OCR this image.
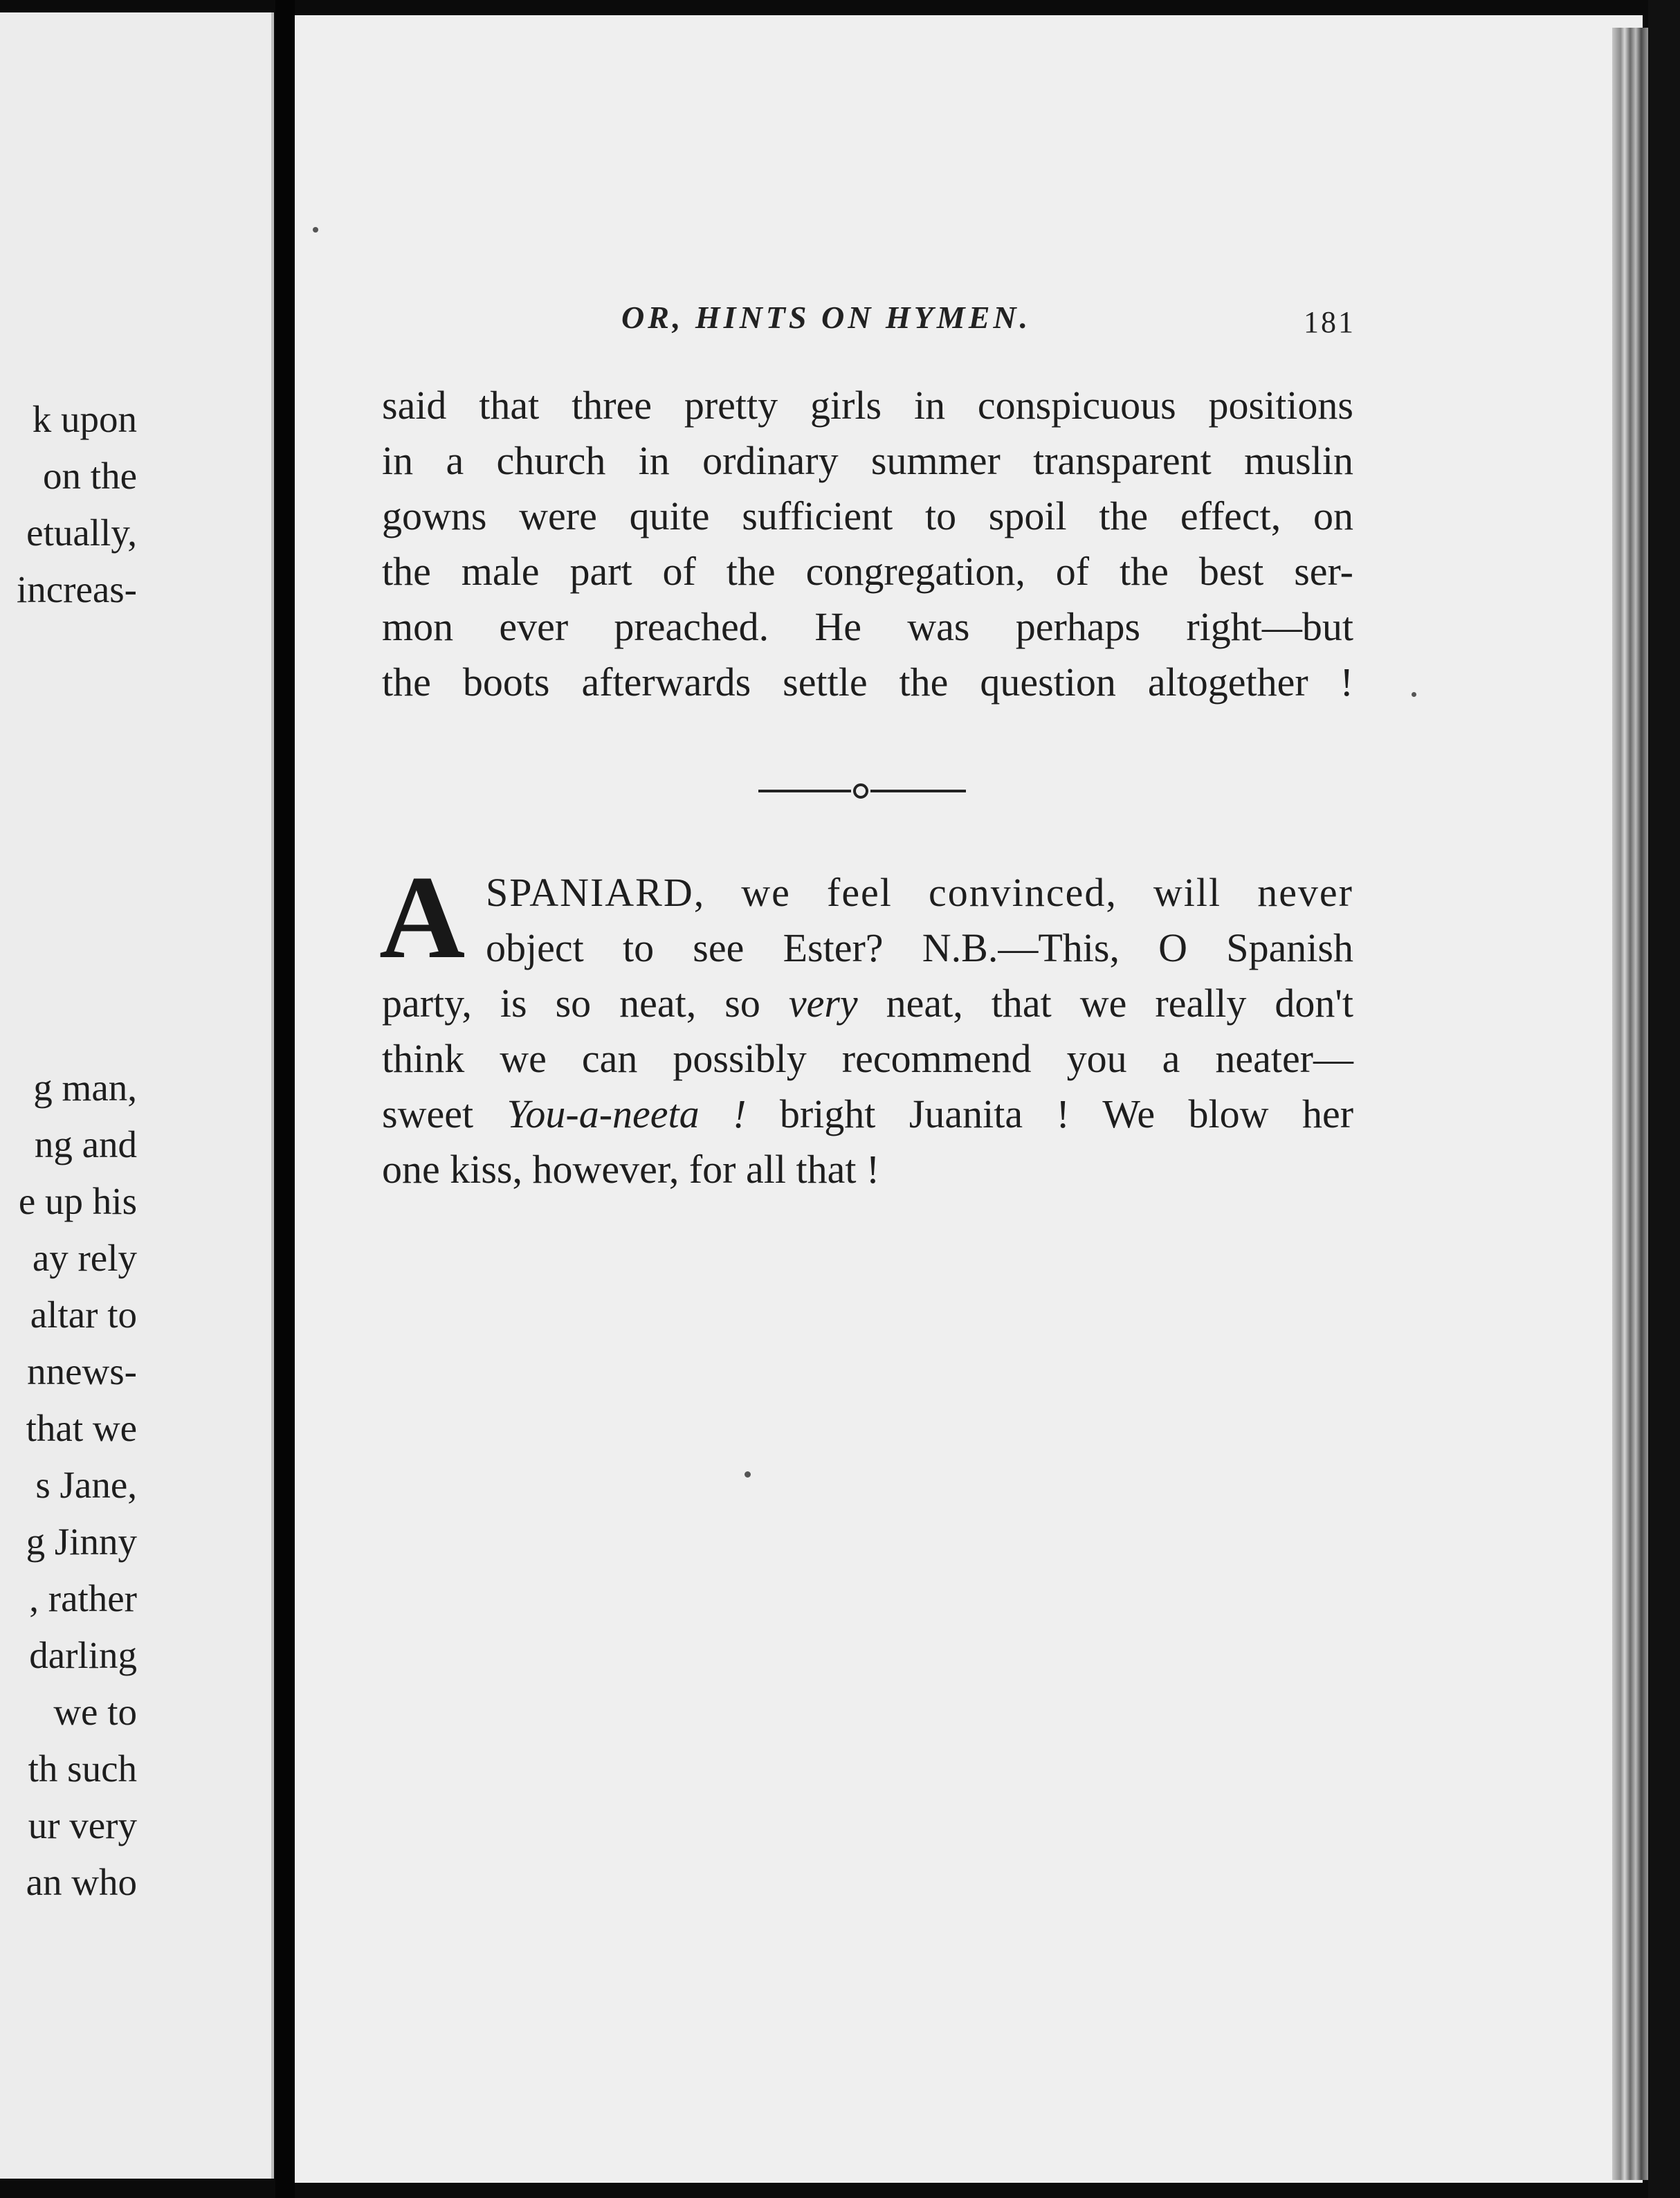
k upon
on the
etually,
increas-
g man,
ng and
e up his
ay rely
altar to
nnews-
that we
s Jane,
g Jinny
, rather
darling
we to
th such
ur very
an who
OR, HINTS ON HYMEN.	181
said that three pretty girls in conspicuous positions
in a church in ordinary summer transparent muslin
gowns were quite sufficient to spoil the effect, on
the male part of the congregation, of the best ser-
mon ever preached. He was perhaps right—but
the boots afterwards settle the question altogether !
A SPANIARD, we feel convinced, will never
object to see Ester? N.B.—This, O Spanish
party, is so neat, so very neat, that we really don't
think we can possibly recommend you a neater—
sweet You-a-neeta ! bright Juanita ! We blow her
one kiss, however, for all that !
